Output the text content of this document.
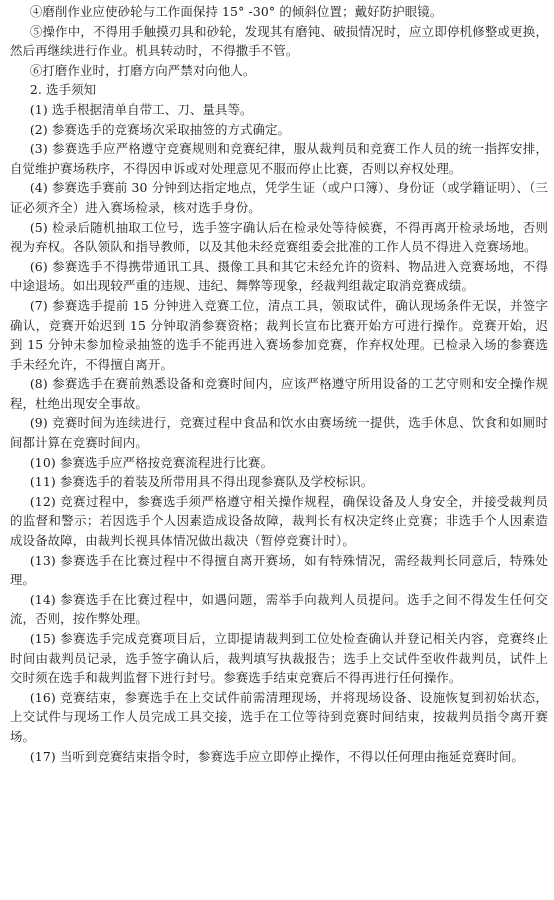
④磨削作业应使砂轮与工作面保持 15° -30° 的倾斜位置；戴好防护眼镜。

⑤操作中，不得用手触摸刃具和砂轮，发现其有磨钝、破损情况时，应立即停机修整或更换，然后再继续进行作业。机具转动时，不得撒手不管。

⑥打磨作业时，打磨方向严禁对向他人。

2. 选手须知

(1) 选手根据清单自带工、刀、量具等。

(2) 参赛选手的竞赛场次采取抽签的方式确定。

(3) 参赛选手应严格遵守竞赛规则和竞赛纪律，服从裁判员和竞赛工作人员的统一指挥安排，自觉维护赛场秩序，不得因申诉或对处理意见不服而停止比赛，否则以弃权处理。

(4) 参赛选手赛前 30 分钟到达指定地点，凭学生证（或户口簿）、身份证（或学籍证明）、（三证必须齐全）进入赛场检录，核对选手身份。

(5) 检录后随机抽取工位号，选手签字确认后在检录处等待候赛，不得再离开检录场地，否则视为弃权。各队领队和指导教师，以及其他未经竞赛组委会批准的工作人员不得进入竞赛场地。

(6) 参赛选手不得携带通讯工具、摄像工具和其它未经允许的资料、物品进入竞赛场地，不得中途退场。如出现较严重的违规、违纪、舞弊等现象，经裁判组裁定取消竞赛成绩。

(7) 参赛选手提前 15 分钟进入竞赛工位，清点工具，领取试件，确认现场条件无误，并签字确认，竞赛开始迟到 15 分钟取消参赛资格；裁判长宣布比赛开始方可进行操作。竞赛开始，迟到 15 分钟未参加检录抽签的选手不能再进入赛场参加竞赛，作弃权处理。已检录入场的参赛选手未经允许，不得擅自离开。

(8) 参赛选手在赛前熟悉设备和竞赛时间内，应该严格遵守所用设备的工艺守则和安全操作规程，杜绝出现安全事故。

(9) 竞赛时间为连续进行，竞赛过程中食品和饮水由赛场统一提供，选手休息、饮食和如厕时间都计算在竞赛时间内。

(10) 参赛选手应严格按竞赛流程进行比赛。

(11) 参赛选手的着装及所带用具不得出现参赛队及学校标识。

(12) 竞赛过程中，参赛选手须严格遵守相关操作规程，确保设备及人身安全，并接受裁判员的监督和警示；若因选手个人因素造成设备故障，裁判长有权决定终止竞赛；非选手个人因素造成设备故障，由裁判长视具体情况做出裁决（暂停竞赛计时）。

(13) 参赛选手在比赛过程中不得擅自离开赛场，如有特殊情况，需经裁判长同意后，特殊处理。

(14) 参赛选手在比赛过程中，如遇问题，需举手向裁判人员提问。选手之间不得发生任何交流，否则，按作弊处理。

(15) 参赛选手完成竞赛项目后，立即提请裁判到工位处检查确认并登记相关内容，竞赛终止时间由裁判员记录，选手签字确认后，裁判填写执裁报告；选手上交试件至收件裁判员，试件上交时须在选手和裁判监督下进行封号。参赛选手结束竞赛后不得再进行任何操作。

(16) 竞赛结束，参赛选手在上交试件前需清理现场，并将现场设备、设施恢复到初始状态，上交试件与现场工作人员完成工具交接，选手在工位等待到竞赛时间结束，按裁判员指令离开赛场。

(17) 当听到竞赛结束指令时，参赛选手应立即停止操作，不得以任何理由拖延竞赛时间。
